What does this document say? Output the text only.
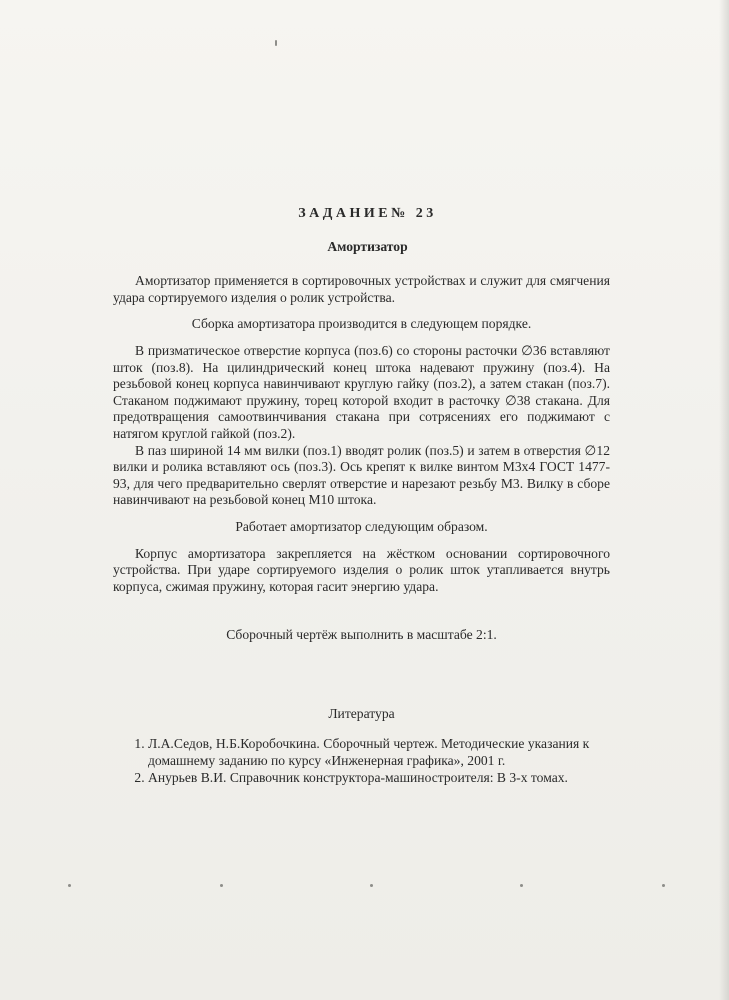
ЗАДАНИЕ№ 23
Амортизатор

Амортизатор применяется в сортировочных устройствах и служит для смягчения удара сортируемого изделия о ролик устройства.

Сборка амортизатора производится в следующем порядке.

В призматическое отверстие корпуса (поз.6) со стороны расточки ∅36 вставляют шток (поз.8). На цилиндрический конец штока надевают пружину (поз.4). На резьбовой конец корпуса навинчивают круглую гайку (поз.2), а затем стакан (поз.7). Стаканом поджимают пружину, торец которой входит в расточку ∅38 стакана. Для предотвращения самоотвинчивания стакана при сотрясениях его поджимают с натягом круглой гайкой (поз.2).

В паз шириной 14 мм вилки (поз.1) вводят ролик (поз.5) и затем в отверстия ∅12 вилки и ролика вставляют ось (поз.3). Ось крепят к вилке винтом М3х4 ГОСТ 1477-93, для чего предварительно сверлят отверстие и нарезают резьбу М3. Вилку в сборе навинчивают на резьбовой конец М10 штока.

Работает амортизатор следующим образом.

Корпус амортизатора закрепляется на жёстком основании сортировочного устройства. При ударе сортируемого изделия о ролик шток утапливается внутрь корпуса, сжимая пружину, которая гасит энергию удара.

Сборочный чертёж выполнить в масштабе 2:1.

Литература
1. Л.А.Седов, Н.Б.Коробочкина. Сборочный чертеж. Методические указания к домашнему заданию по курсу «Инженерная графика», 2001 г.
2. Анурьев В.И. Справочник конструктора-машиностроителя: В 3-х томах.
